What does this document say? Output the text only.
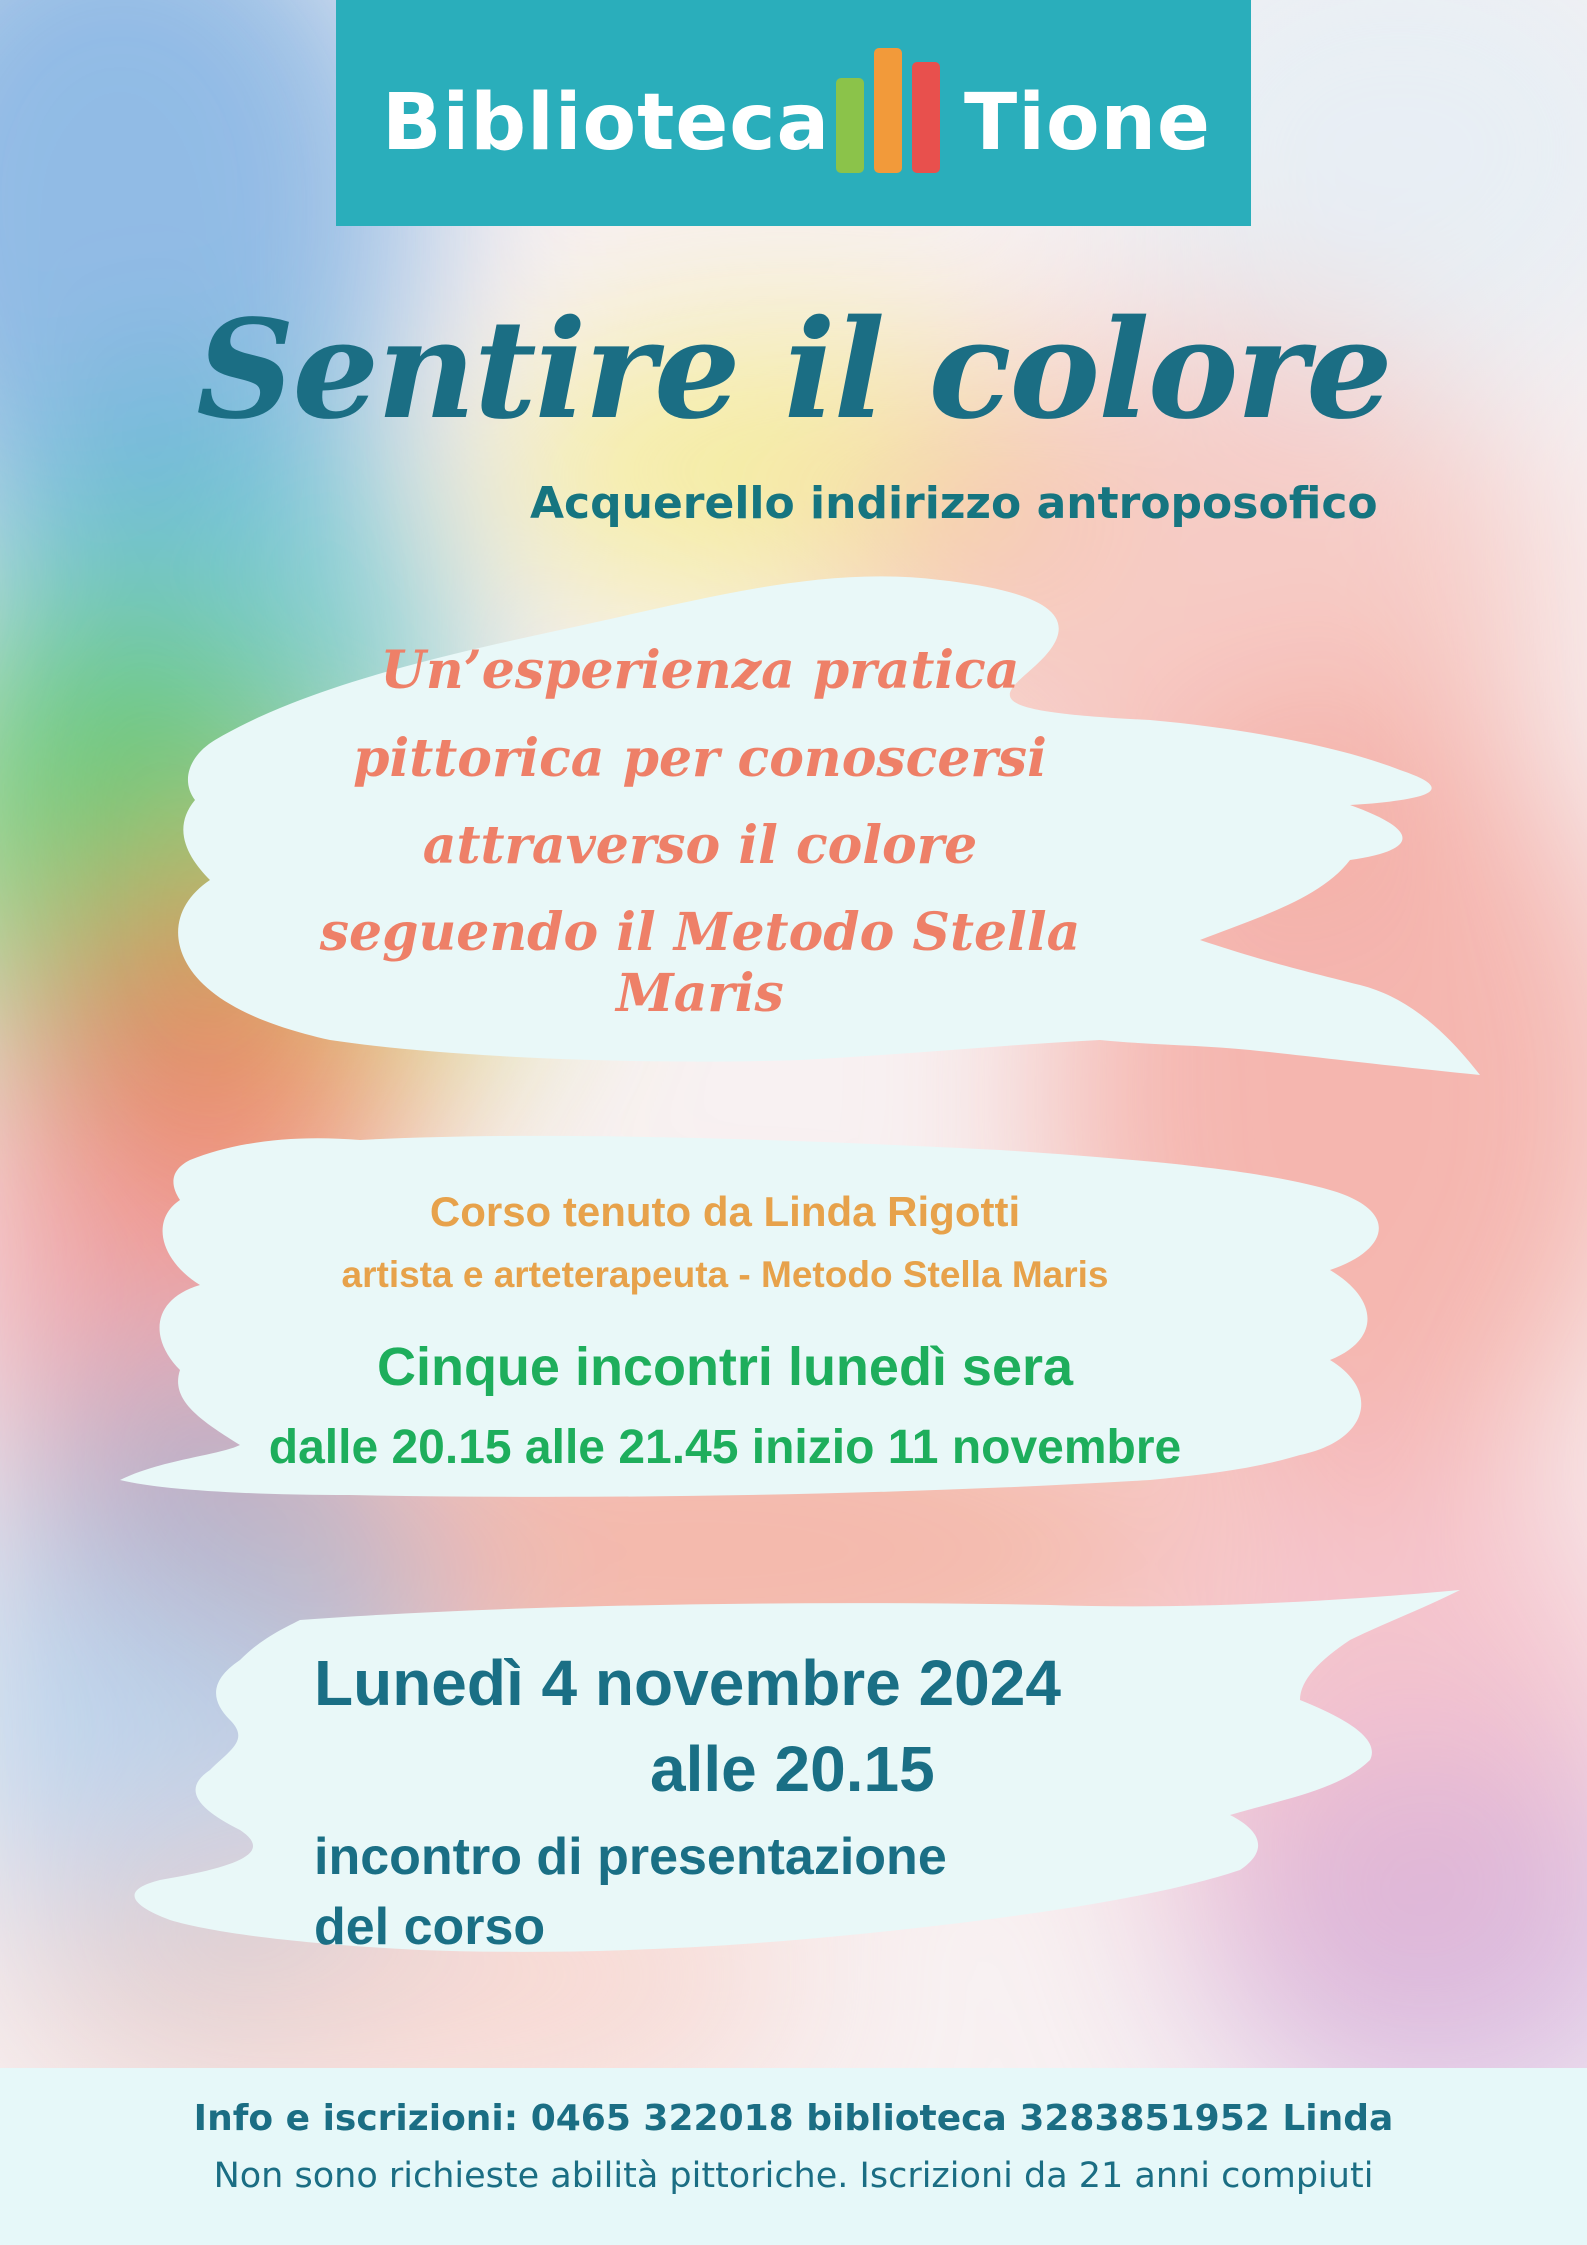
Biblioteca Tione
Sentire il colore
Acquerello indirizzo antroposofico
Un’esperienza pratica
pittorica per conoscersi
attraverso il colore
seguendo il Metodo Stella Maris
Corso tenuto da Linda Rigotti
artista e arteterapeuta - Metodo Stella Maris
Cinque incontri lunedì sera
dalle 20.15 alle 21.45 inizio 11 novembre
Lunedì 4 novembre 2024
alle 20.15
incontro di presentazione
del corso
Info e iscrizioni: 0465 322018 biblioteca 3283851952 Linda
Non sono richieste abilità pittoriche. Iscrizioni da 21 anni compiuti
